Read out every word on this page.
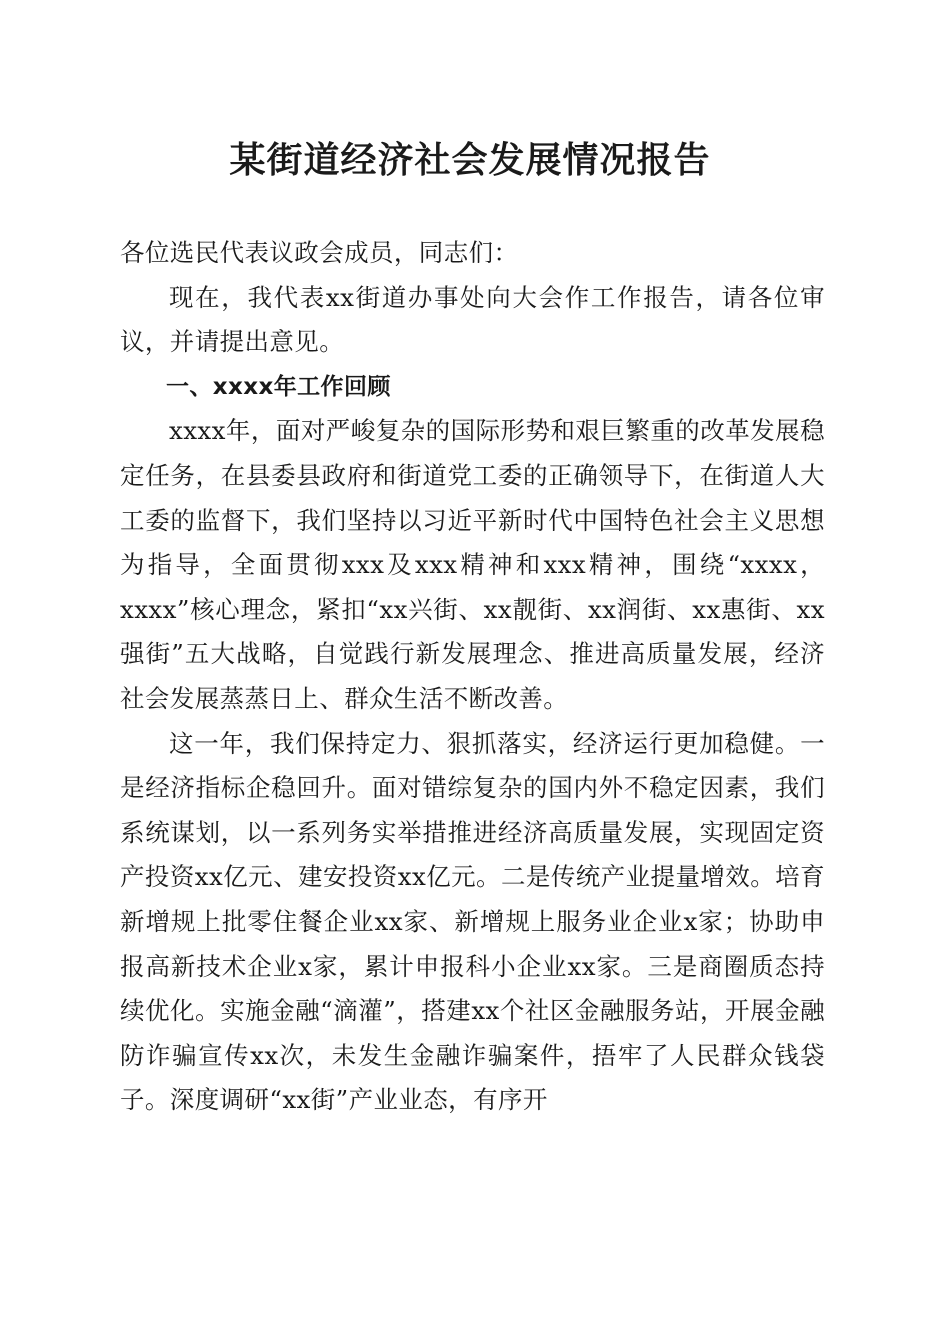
某街道经济社会发展情况报告

各位选民代表议政会成员，同志们：

现在，我代表xx街道办事处向大会作工作报告，请各位审议，并请提出意见。

一、xxxx年工作回顾

xxxx年，面对严峻复杂的国际形势和艰巨繁重的改革发展稳定任务，在县委县政府和街道党工委的正确领导下，在街道人大工委的监督下，我们坚持以习近平新时代中国特色社会主义思想为指导，全面贯彻xxx及xxx精神和xxx精神，围绕“xxxx，xxxx”核心理念，紧扣“xx兴街、xx靓街、xx润街、xx惠街、xx强街”五大战略，自觉践行新发展理念、推进高质量发展，经济社会发展蒸蒸日上、群众生活不断改善。

这一年，我们保持定力、狠抓落实，经济运行更加稳健。一是经济指标企稳回升。面对错综复杂的国内外不稳定因素，我们系统谋划，以一系列务实举措推进经济高质量发展，实现固定资产投资xx亿元、建安投资xx亿元。二是传统产业提量增效。培育新增规上批零住餐企业xx家、新增规上服务业企业x家；协助申报高新技术企业x家，累计申报科小企业xx家。三是商圈质态持续优化。实施金融“滴灌”，搭建xx个社区金融服务站，开展金融防诈骗宣传xx次，未发生金融诈骗案件，捂牢了人民群众钱袋子。深度调研“xx街”产业业态，有序开
